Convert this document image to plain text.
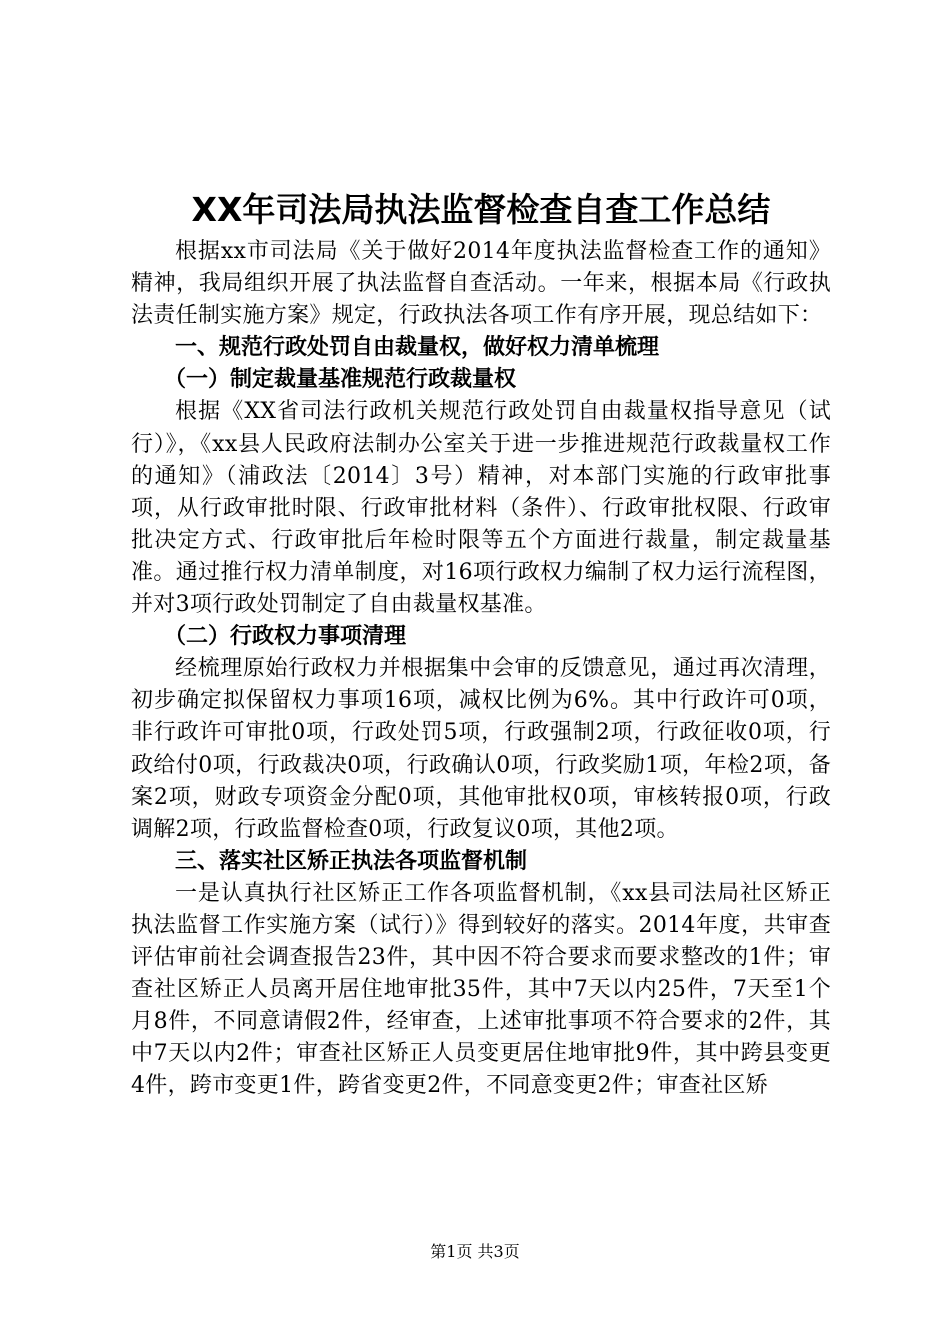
XX年司法局执法监督检查自查工作总结

根据xx市司法局《关于做好2014年度执法监督检查工作的通知》精神，我局组织开展了执法监督自查活动。一年来，根据本局《行政执法责任制实施方案》规定，行政执法各项工作有序开展，现总结如下：

一、规范行政处罚自由裁量权，做好权力清单梳理
（一）制定裁量基准规范行政裁量权

根据《XX省司法行政机关规范行政处罚自由裁量权指导意见（试行）》，《xx县人民政府法制办公室关于进一步推进规范行政裁量权工作的通知》（浦政法〔2014〕3号）精神，对本部门实施的行政审批事项，从行政审批时限、行政审批材料（条件）、行政审批权限、行政审批决定方式、行政审批后年检时限等五个方面进行裁量，制定裁量基准。通过推行权力清单制度，对16项行政权力编制了权力运行流程图，并对3项行政处罚制定了自由裁量权基准。

（二）行政权力事项清理

经梳理原始行政权力并根据集中会审的反馈意见，通过再次清理，初步确定拟保留权力事项16项，减权比例为6%。其中行政许可0项，非行政许可审批0项，行政处罚5项，行政强制2项，行政征收0项，行政给付0项，行政裁决0项，行政确认0项，行政奖励1项，年检2项，备案2项，财政专项资金分配0项，其他审批权0项，审核转报0项，行政调解2项，行政监督检查0项，行政复议0项，其他2项。

三、落实社区矫正执法各项监督机制

一是认真执行社区矫正工作各项监督机制，《xx县司法局社区矫正执法监督工作实施方案（试行）》得到较好的落实。2014年度，共审查评估审前社会调查报告23件，其中因不符合要求而要求整改的1件；审查社区矫正人员离开居住地审批35件，其中7天以内25件，7天至1个月8件，不同意请假2件，经审查，上述审批事项不符合要求的2件，其中7天以内2件；审查社区矫正人员变更居住地审批9件，其中跨县变更4件，跨市变更1件，跨省变更2件，不同意变更2件；审查社区矫

第1页 共3页
